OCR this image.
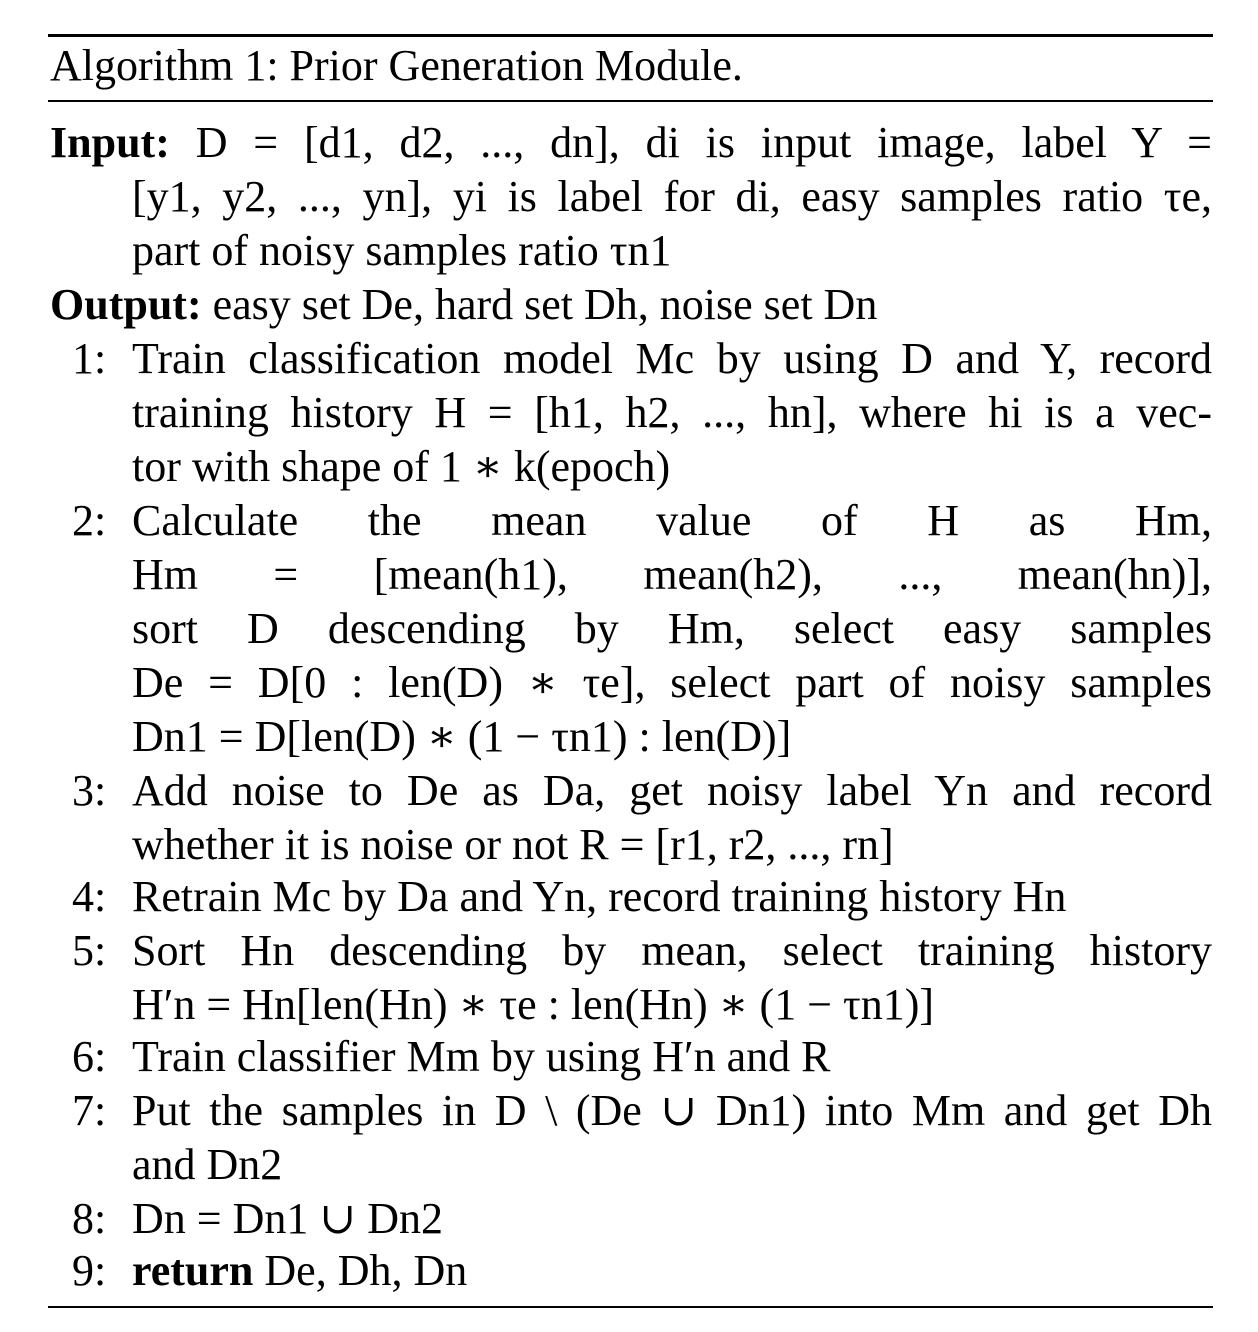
Algorithm 1: Prior Generation Module.
Input: D = [d1, d2, ..., dn], di is input image, label Y =
[y1, y2, ..., yn], yi is label for di, easy samples ratio τe,
part of noisy samples ratio τn1
Output: easy set De, hard set Dh, noise set Dn
1: Train classification model Mc by using D and Y, record
training history H = [h1, h2, ..., hn], where hi is a vec-
tor with shape of 1 ∗ k(epoch)
2: Calculate the mean value of H as Hm,
Hm = [mean(h1), mean(h2), ..., mean(hn)],
sort D descending by Hm, select easy samples
De = D[0 : len(D) ∗ τe], select part of noisy samples
Dn1 = D[len(D) ∗ (1 − τn1) : len(D)]
3: Add noise to De as Da, get noisy label Yn and record
whether it is noise or not R = [r1, r2, ..., rn]
4: Retrain Mc by Da and Yn, record training history Hn
5: Sort Hn descending by mean, select training history
H′n = Hn[len(Hn) ∗ τe : len(Hn) ∗ (1 − τn1)]
6: Train classifier Mm by using H′n and R
7: Put the samples in D \ (De ∪ Dn1) into Mm and get Dh
and Dn2
8: Dn = Dn1 ∪ Dn2
9: return De, Dh, Dn
